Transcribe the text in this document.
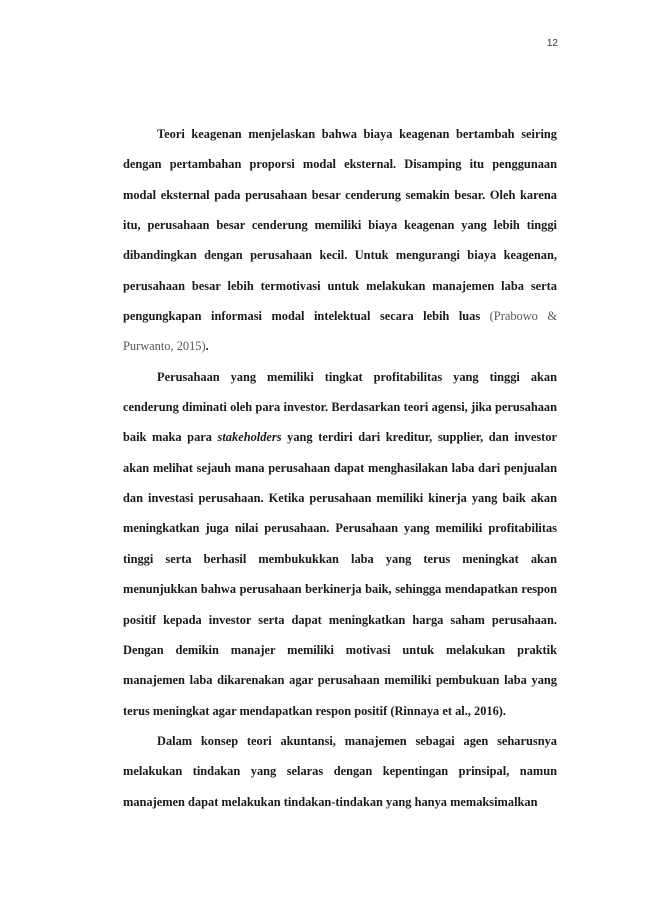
12

Teori keagenan menjelaskan bahwa biaya keagenan bertambah seiring dengan pertambahan proporsi modal eksternal. Disamping itu penggunaan modal eksternal pada perusahaan besar cenderung semakin besar. Oleh karena itu, perusahaan besar cenderung memiliki biaya keagenan yang lebih tinggi dibandingkan dengan perusahaan kecil. Untuk mengurangi biaya keagenan, perusahaan besar lebih termotivasi untuk melakukan manajemen laba serta pengungkapan informasi modal intelektual secara lebih luas (Prabowo & Purwanto, 2015).

Perusahaan yang memiliki tingkat profitabilitas yang tinggi akan cenderung diminati oleh para investor. Berdasarkan teori agensi, jika perusahaan baik maka para stakeholders yang terdiri dari kreditur, supplier, dan investor akan melihat sejauh mana perusahaan dapat menghasilakan laba dari penjualan dan investasi perusahaan. Ketika perusahaan memiliki kinerja yang baik akan meningkatkan juga nilai perusahaan. Perusahaan yang memiliki profitabilitas tinggi serta berhasil membukukkan laba yang terus meningkat akan menunjukkan bahwa perusahaan berkinerja baik, sehingga mendapatkan respon positif kepada investor serta dapat meningkatkan harga saham perusahaan. Dengan demikin manajer memiliki motivasi untuk melakukan praktik manajemen laba dikarenakan agar perusahaan memiliki pembukuan laba yang terus meningkat agar mendapatkan respon positif (Rinnaya et al., 2016).

Dalam konsep teori akuntansi, manajemen sebagai agen seharusnya melakukan tindakan yang selaras dengan kepentingan prinsipal, namun manajemen dapat melakukan tindakan-tindakan yang hanya memaksimalkan
